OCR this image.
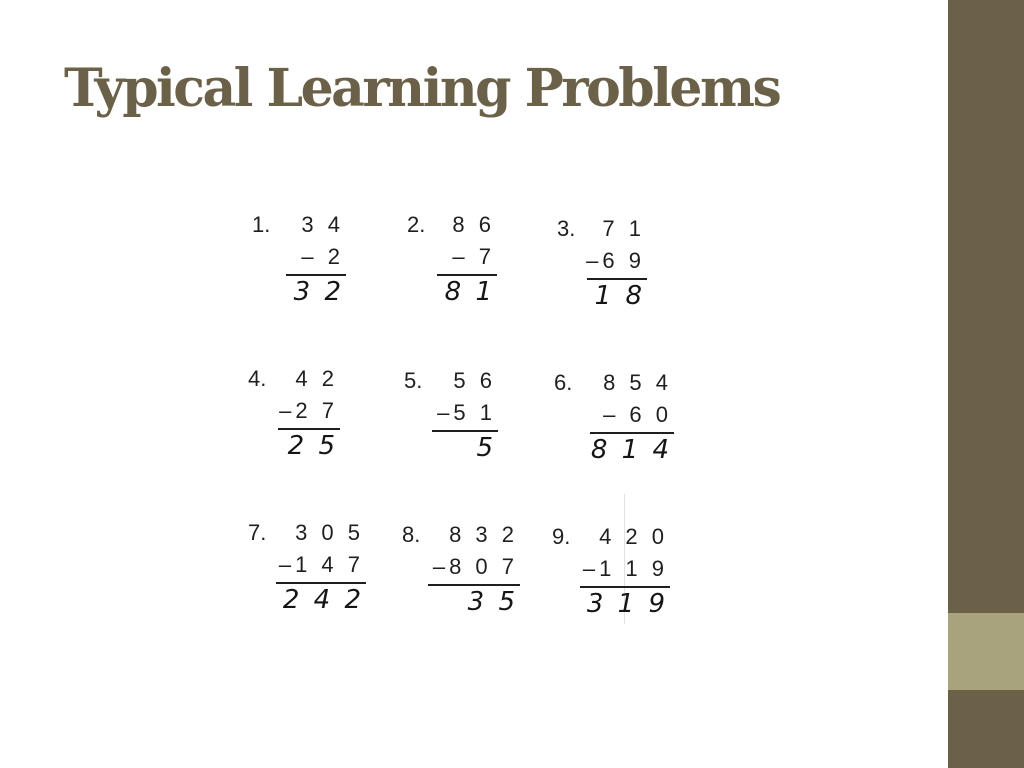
Typical Learning Problems
1. 3 4
– 2
3 2
2. 8 6
– 7
8 1
3. 7 1
–6 9
1 8
4. 4 2
–2 7
2 5
5. 5 6
–5 1
5
6. 8 5 4
– 6 0
8 1 4
7. 3 0 5
–1 4 7
2 4 2
8. 8 3 2
–8 0 7
3 5
9. 4 2 0
–1 1 9
3 1 9
